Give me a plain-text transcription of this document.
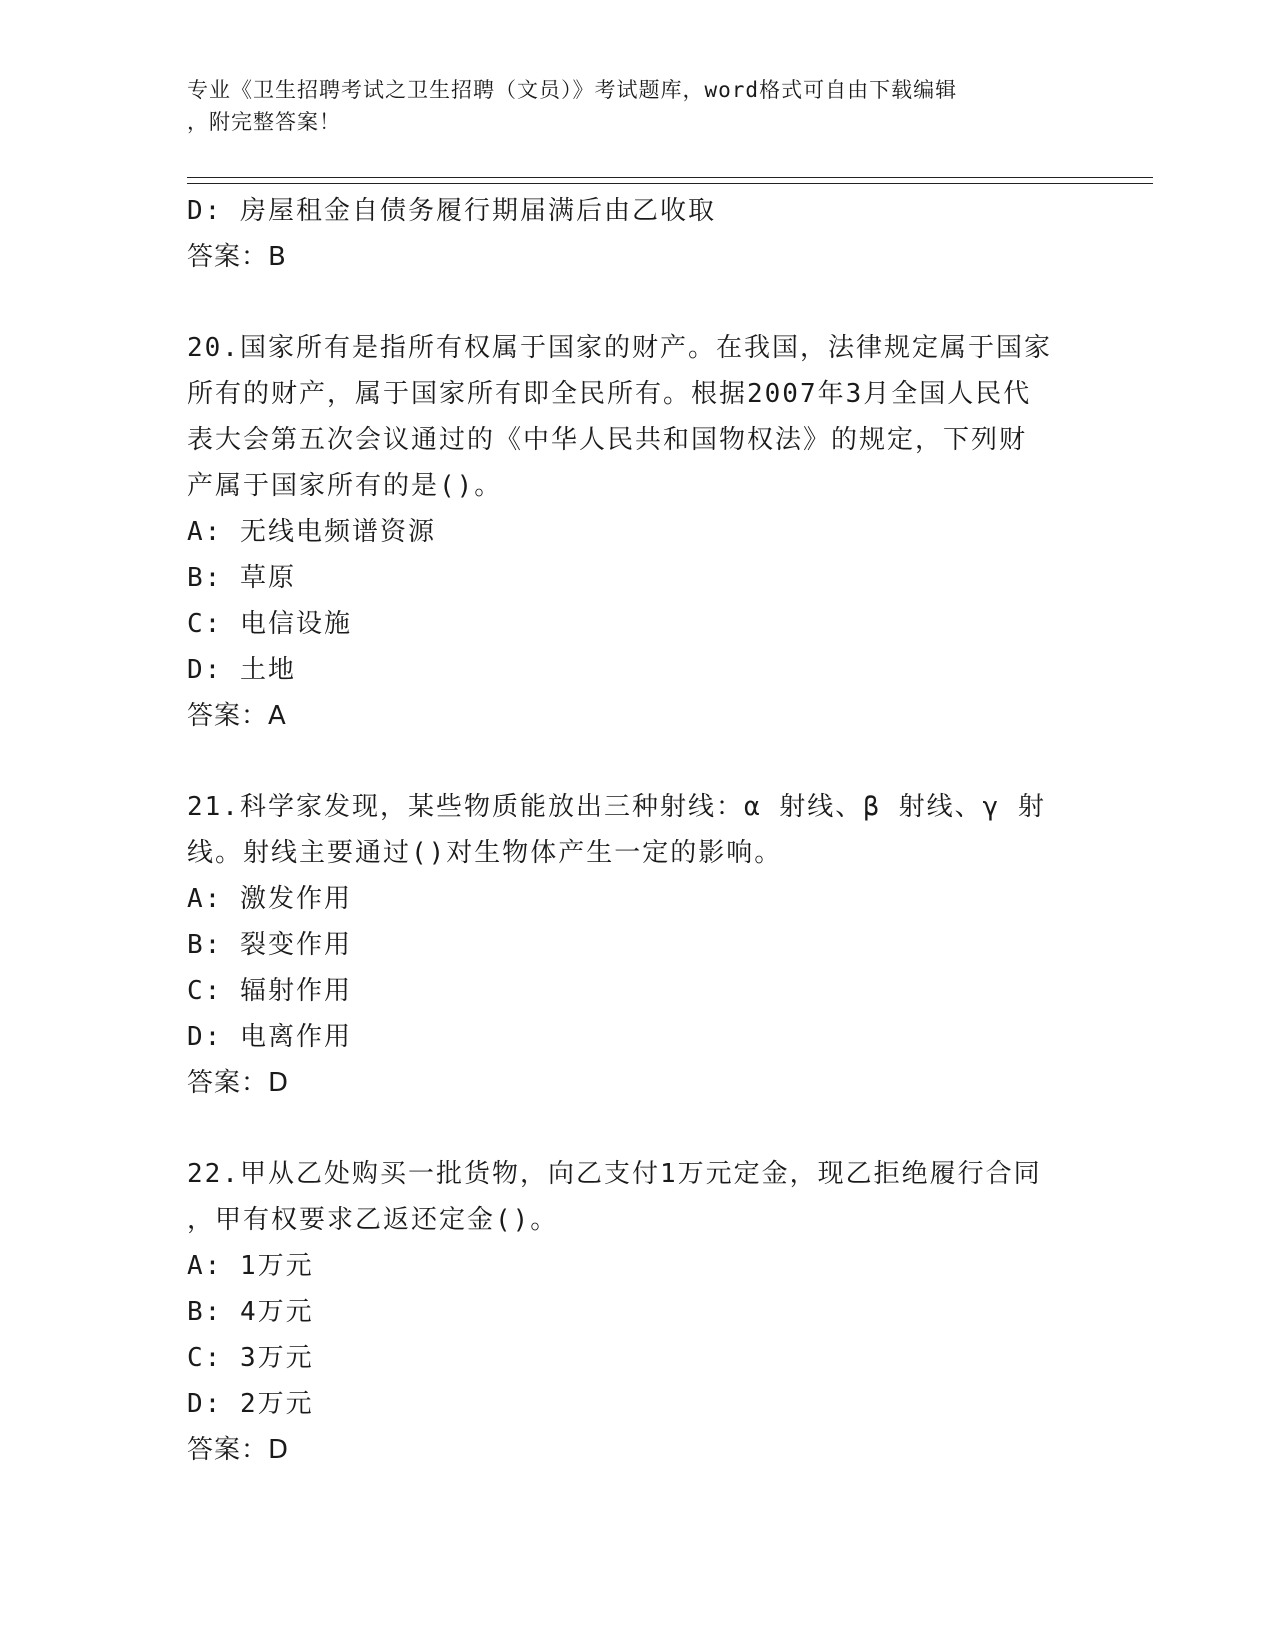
专业《卫生招聘考试之卫生招聘（文员）》考试题库，word格式可自由下载编辑
，附完整答案！
D: 房屋租金自债务履行期届满后由乙收取
答案：B
20.国家所有是指所有权属于国家的财产。在我国，法律规定属于国家
所有的财产，属于国家所有即全民所有。根据2007年3月全国人民代
表大会第五次会议通过的《中华人民共和国物权法》的规定，下列财
产属于国家所有的是()。
A: 无线电频谱资源
B: 草原
C: 电信设施
D: 土地
答案：A
21.科学家发现，某些物质能放出三种射线：α 射线、β 射线、γ 射
线。射线主要通过()对生物体产生一定的影响。
A: 激发作用
B: 裂变作用
C: 辐射作用
D: 电离作用
答案：D
22.甲从乙处购买一批货物，向乙支付1万元定金，现乙拒绝履行合同
，甲有权要求乙返还定金()。
A: 1万元
B: 4万元
C: 3万元
D: 2万元
答案：D
